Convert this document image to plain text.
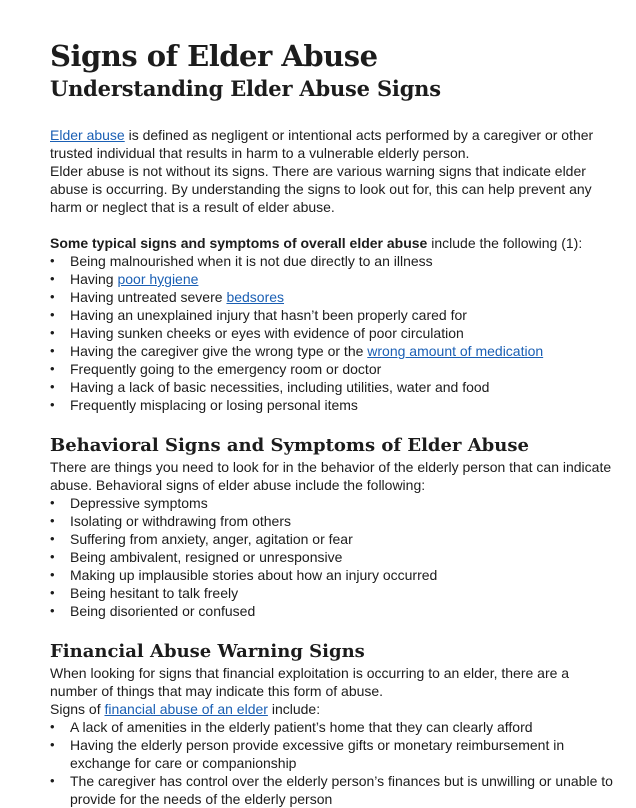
Signs of Elder Abuse
Understanding Elder Abuse Signs

Elder abuse is defined as negligent or intentional acts performed by a caregiver or other trusted individual that results in harm to a vulnerable elderly person.

Elder abuse is not without its signs. There are various warning signs that indicate elder abuse is occurring. By understanding the signs to look out for, this can help prevent any harm or neglect that is a result of elder abuse.

Some typical signs and symptoms of overall elder abuse include the following (1):

• Being malnourished when it is not due directly to an illness
• Having poor hygiene
• Having untreated severe bedsores
• Having an unexplained injury that hasn’t been properly cared for
• Having sunken cheeks or eyes with evidence of poor circulation
• Having the caregiver give the wrong type or the wrong amount of medication
• Frequently going to the emergency room or doctor
• Having a lack of basic necessities, including utilities, water and food
• Frequently misplacing or losing personal items
Behavioral Signs and Symptoms of Elder Abuse

There are things you need to look for in the behavior of the elderly person that can indicate abuse. Behavioral signs of elder abuse include the following:

• Depressive symptoms
• Isolating or withdrawing from others
• Suffering from anxiety, anger, agitation or fear
• Being ambivalent, resigned or unresponsive
• Making up implausible stories about how an injury occurred
• Being hesitant to talk freely
• Being disoriented or confused
Financial Abuse Warning Signs

When looking for signs that financial exploitation is occurring to an elder, there are a number of things that may indicate this form of abuse.

Signs of financial abuse of an elder include:

• A lack of amenities in the elderly patient’s home that they can clearly afford
• Having the elderly person provide excessive gifts or monetary reimbursement in exchange for care or companionship
• The caregiver has control over the elderly person’s finances but is unwilling or unable to provide for the needs of the elderly person
